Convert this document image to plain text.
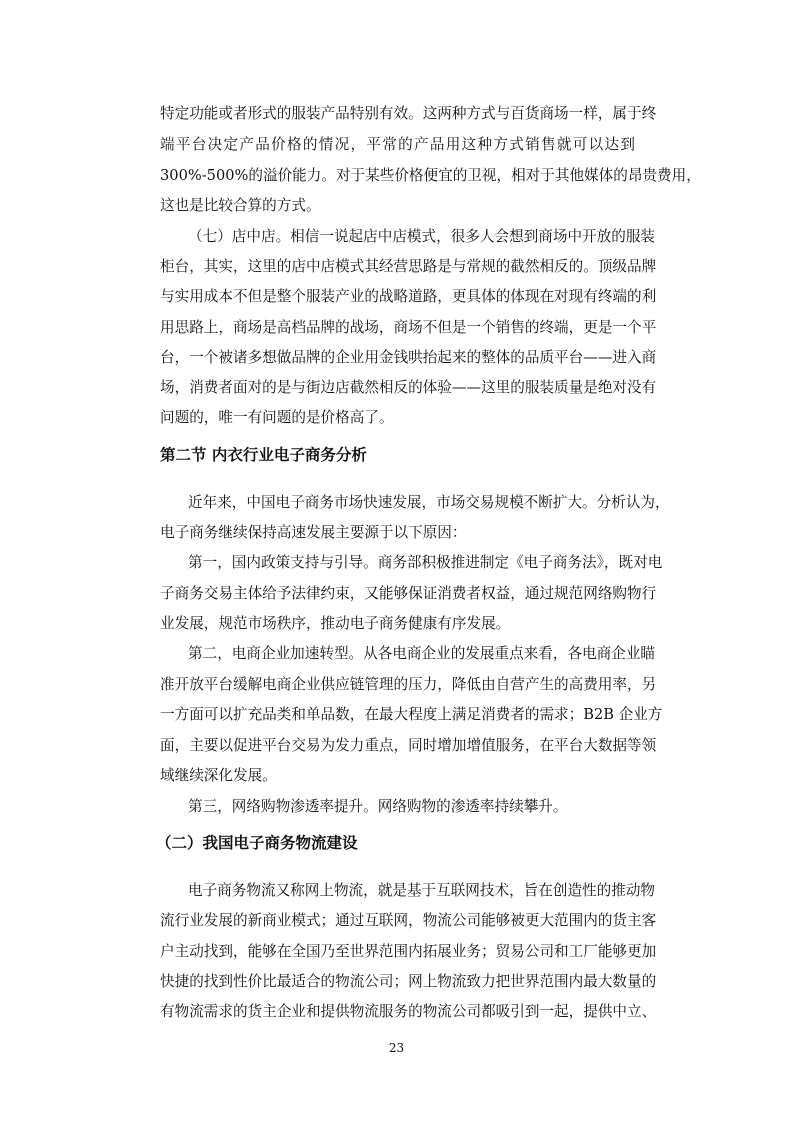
特定功能或者形式的服装产品特别有效。这两种方式与百货商场一样，属于终
端平台决定产品价格的情况，平常的产品用这种方式销售就可以达到
300%-500%的溢价能力。对于某些价格便宜的卫视，相对于其他媒体的昂贵费用，
这也是比较合算的方式。
（七）店中店。相信一说起店中店模式，很多人会想到商场中开放的服装
柜台，其实，这里的店中店模式其经营思路是与常规的截然相反的。顶级品牌
与实用成本不但是整个服装产业的战略道路，更具体的体现在对现有终端的利
用思路上，商场是高档品牌的战场，商场不但是一个销售的终端，更是一个平
台，一个被诸多想做品牌的企业用金钱哄抬起来的整体的品质平台——进入商
场，消费者面对的是与街边店截然相反的体验——这里的服装质量是绝对没有
问题的，唯一有问题的是价格高了。
第二节 内衣行业电子商务分析
近年来，中国电子商务市场快速发展，市场交易规模不断扩大。分析认为，
电子商务继续保持高速发展主要源于以下原因：
第一，国内政策支持与引导。商务部积极推进制定《电子商务法》，既对电
子商务交易主体给予法律约束，又能够保证消费者权益，通过规范网络购物行
业发展，规范市场秩序，推动电子商务健康有序发展。
第二，电商企业加速转型。从各电商企业的发展重点来看，各电商企业瞄
准开放平台缓解电商企业供应链管理的压力，降低由自营产生的高费用率，另
一方面可以扩充品类和单品数，在最大程度上满足消费者的需求；B2B 企业方
面，主要以促进平台交易为发力重点，同时增加增值服务，在平台大数据等领
域继续深化发展。
第三，网络购物渗透率提升。网络购物的渗透率持续攀升。
（二）我国电子商务物流建设
电子商务物流又称网上物流，就是基于互联网技术，旨在创造性的推动物
流行业发展的新商业模式；通过互联网，物流公司能够被更大范围内的货主客
户主动找到，能够在全国乃至世界范围内拓展业务；贸易公司和工厂能够更加
快捷的找到性价比最适合的物流公司；网上物流致力把世界范围内最大数量的
有物流需求的货主企业和提供物流服务的物流公司都吸引到一起，提供中立、
23
